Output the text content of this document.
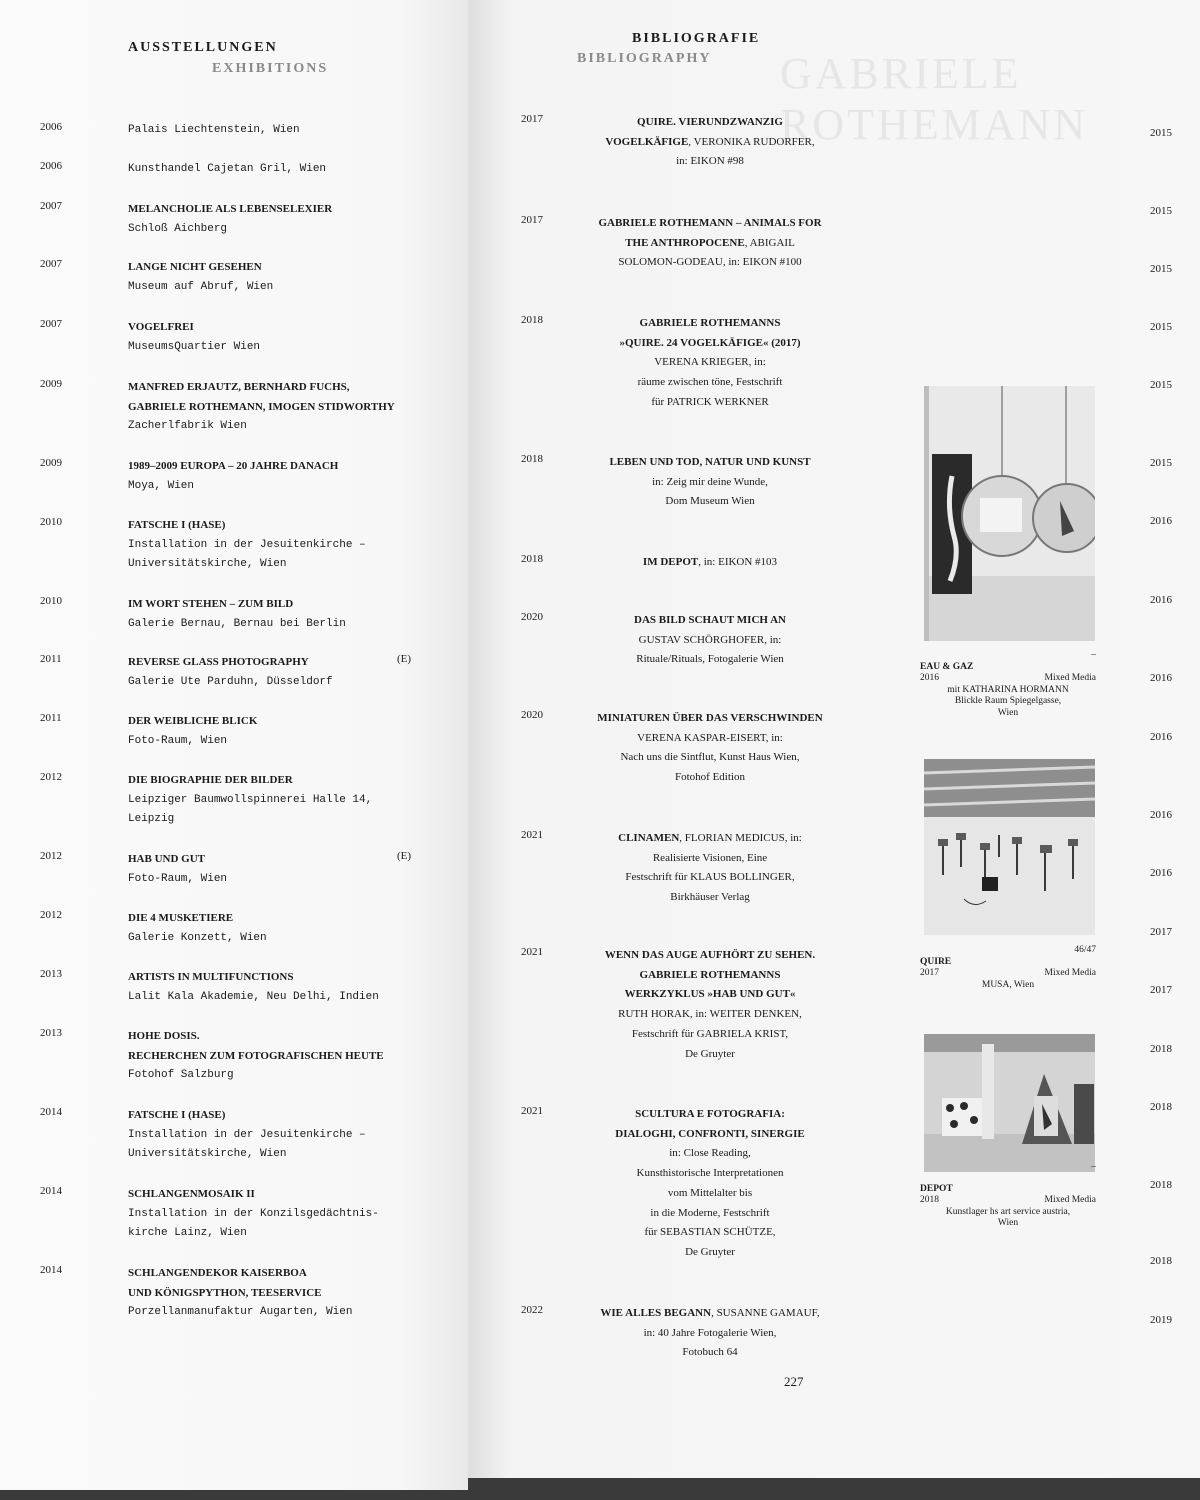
GABRIELE ROTHEMANN
AUSSTELLUNGEN
EXHIBITIONS
BIBLIOGRAFIE
BIBLIOGRAPHY
2006	Palais Liechtenstein, Wien
2006	Kunsthandel Cajetan Gril, Wien
2007	MELANCHOLIE ALS LEBENSELEXIER
Schloß Aichberg
2007	LANGE NICHT GESEHEN
Museum auf Abruf, Wien
2007	VOGELFREI
MuseumsQuartier Wien
2009	MANFRED ERJAUTZ, BERNHARD FUCHS,
GABRIELE ROTHEMANN, IMOGEN STIDWORTHY
Zacherlfabrik Wien
2009	1989–2009 EUROPA – 20 JAHRE DANACH
Moya, Wien
2010	FATSCHE I (HASE)
Installation in der Jesuitenkirche –
Universitätskirche, Wien
2010	IM WORT STEHEN – ZUM BILD
Galerie Bernau, Bernau bei Berlin
2011	REVERSE GLASS PHOTOGRAPHY
Galerie Ute Parduhn, Düsseldorf
(E)
2011	DER WEIBLICHE BLICK
Foto-Raum, Wien
2012	DIE BIOGRAPHIE DER BILDER
Leipziger Baumwollspinnerei Halle 14,
Leipzig
2012	HAB UND GUT
Foto-Raum, Wien
(E)
2012	DIE 4 MUSKETIERE
Galerie Konzett, Wien
2013	ARTISTS IN MULTIFUNCTIONS
Lalit Kala Akademie, Neu Delhi, Indien
2013	HOHE DOSIS.
RECHERCHEN ZUM FOTOGRAFISCHEN HEUTE
Fotohof Salzburg
2014	FATSCHE I (HASE)
Installation in der Jesuitenkirche –
Universitätskirche, Wien
2014	SCHLANGENMOSAIK II
Installation in der Konzilsgedächtnis-
kirche Lainz, Wien
2014	SCHLANGENDEKOR KAISERBOA
UND KÖNIGSPYTHON, TEESERVICE
Porzellanmanufaktur Augarten, Wien
2017	QUIRE. VIERUNDZWANZIG
VOGELKÄFIGE, VERONIKA RUDORFER,
in: EIKON #98
2017	GABRIELE ROTHEMANN – ANIMALS FOR
THE ANTHROPOCENE, ABIGAIL
SOLOMON-GODEAU, in: EIKON #100
2018	GABRIELE ROTHEMANNS
»QUIRE. 24 VOGELKÄFIGE« (2017)
VERENA KRIEGER, in:
räume zwischen töne, Festschrift
für PATRICK WERKNER
2018	LEBEN UND TOD, NATUR UND KUNST
in: Zeig mir deine Wunde,
Dom Museum Wien
2018	IM DEPOT, in: EIKON #103
2020	DAS BILD SCHAUT MICH AN
GUSTAV SCHÖRGHOFER, in:
Rituale/Rituals, Fotogalerie Wien
2020	MINIATUREN ÜBER DAS VERSCHWINDEN
VERENA KASPAR-EISERT, in:
Nach uns die Sintflut, Kunst Haus Wien,
Fotohof Edition
2021	CLINAMEN, FLORIAN MEDICUS, in:
Realisierte Visionen, Eine
Festschrift für KLAUS BOLLINGER,
Birkhäuser Verlag
2021	WENN DAS AUGE AUFHÖRT ZU SEHEN.
GABRIELE ROTHEMANNS
WERKZYKLUS »HAB UND GUT«
RUTH HORAK, in: WEITER DENKEN,
Festschrift für GABRIELA KRIST,
De Gruyter
2021	SCULTURA E FOTOGRAFIA:
DIALOGHI, CONFRONTI, SINERGIE
in: Close Reading,
Kunsthistorische Interpretationen
vom Mittelalter bis
in die Moderne, Festschrift
für SEBASTIAN SCHÜTZE,
De Gruyter
2022	WIE ALLES BEGANN, SUSANNE GAMAUF,
in: 40 Jahre Fotogalerie Wien,
Fotobuch 64
2015
2015
2015
2015
2015
2015
2016
2016
2016
2016
2016
2016
2017
2017
2018
2018
2018
2018
2019
–
EAU & GAZ
2016	Mixed Media
mit KATHARINA HORMANN
Blickle Raum Spiegelgasse,
Wien
46/47
QUIRE
2017	Mixed Media
MUSA, Wien
–
DEPOT
2018	Mixed Media
Kunstlager hs art service austria,
Wien
227
